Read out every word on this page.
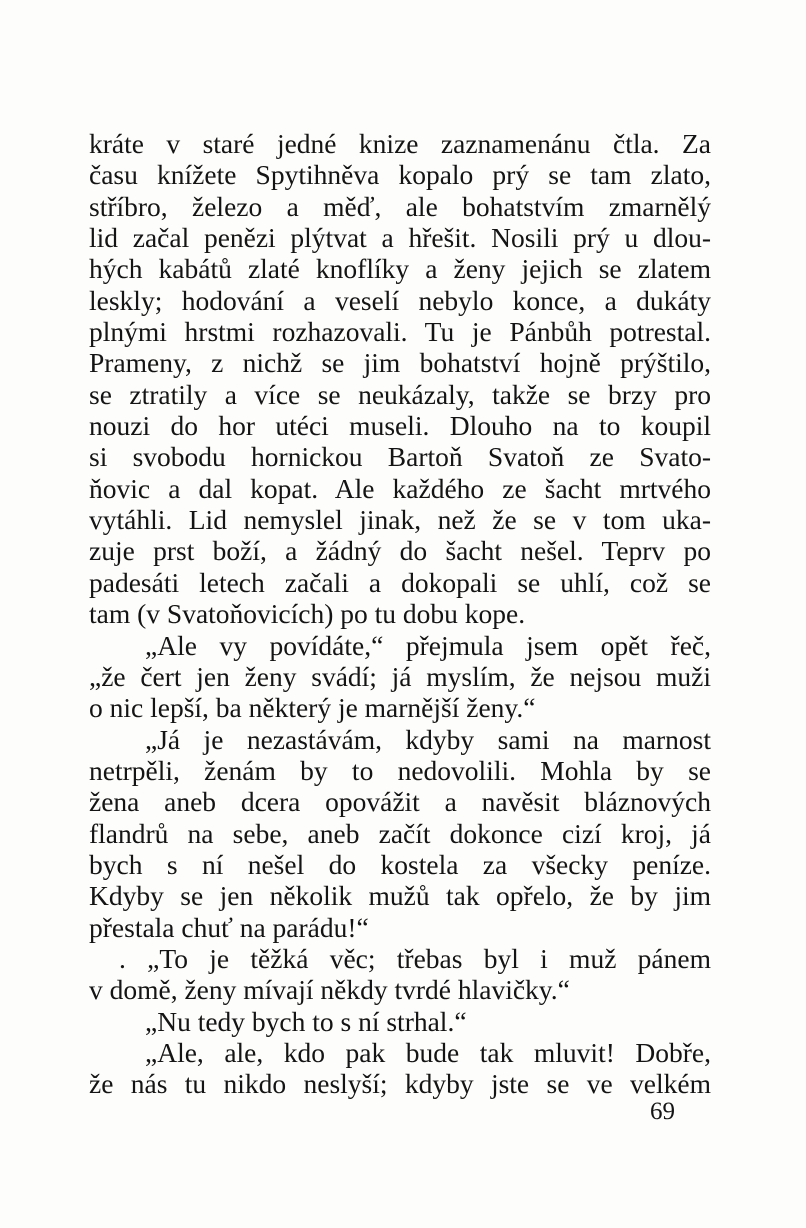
kráte v staré jedné knize zaznamenánu čtla. Za
času knížete Spytihněva kopalo prý se tam zlato,
stříbro, železo a měď, ale bohatstvím zmarnělý
lid začal penězi plýtvat a hřešit. Nosili prý u dlou-
hých kabátů zlaté knoflíky a ženy jejich se zlatem
leskly; hodování a veselí nebylo konce, a dukáty
plnými hrstmi rozhazovali. Tu je Pánbůh potrestal.
Prameny, z nichž se jim bohatství hojně prýštilo,
se ztratily a více se neukázaly, takže se brzy pro
nouzi do hor utéci museli. Dlouho na to koupil
si svobodu hornickou Bartoň Svatoň ze Svato-
ňovic a dal kopat. Ale každého ze šacht mrtvého
vytáhli. Lid nemyslel jinak, než že se v tom uka-
zuje prst boží, a žádný do šacht nešel. Teprv po
padesáti letech začali a dokopali se uhlí, což se
tam (v Svatoňovicích) po tu dobu kope.
„Ale vy povídáte,“ přejmula jsem opět řeč,
„že čert jen ženy svádí; já myslím, že nejsou muži
o nic lepší, ba některý je marnější ženy.“
„Já je nezastávám, kdyby sami na marnost
netrpěli, ženám by to nedovolili. Mohla by se
žena aneb dcera opovážit a navěsit bláznových
flandrů na sebe, aneb začít dokonce cizí kroj, já
bych s ní nešel do kostela za všecky peníze.
Kdyby se jen několik mužů tak opřelo, že by jim
přestala chuť na parádu!“
. „To je těžká věc; třebas byl i muž pánem
v domě, ženy mívají někdy tvrdé hlavičky.“
„Nu tedy bych to s ní strhal.“
„Ale, ale, kdo pak bude tak mluvit! Dobře,
že nás tu nikdo neslyší; kdyby jste se ve velkém
69
